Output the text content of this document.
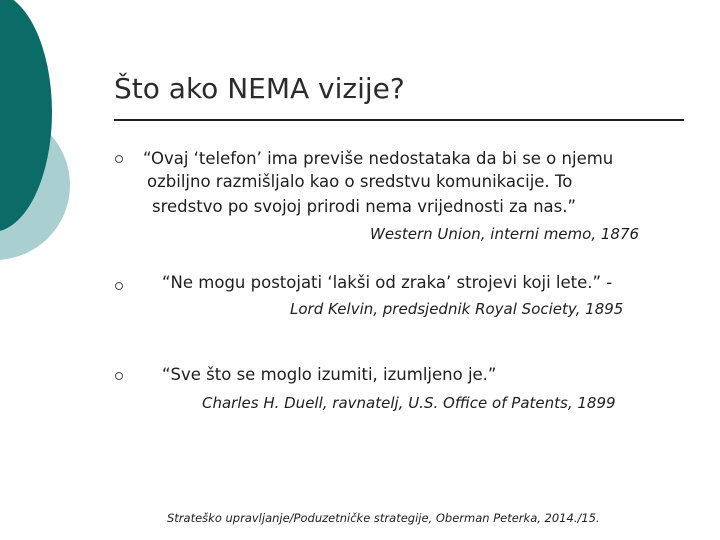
Što ako NEMA vizije?
“Ovaj ‘telefon’ ima previše nedostataka da bi se o njemu
ozbiljno razmišljalo kao o sredstvu komunikacije. To
sredstvo po svojoj prirodi nema vrijednosti za nas.”
Western Union, interni memo, 1876
“Ne mogu postojati ‘lakši od zraka’ strojevi koji lete.” -
Lord Kelvin, predsjednik Royal Society, 1895
“Sve što se moglo izumiti, izumljeno je.”
Charles H. Duell, ravnatelj, U.S. Office of Patents, 1899
Strateško upravljanje/Poduzetničke strategije, Oberman Peterka, 2014./15.
